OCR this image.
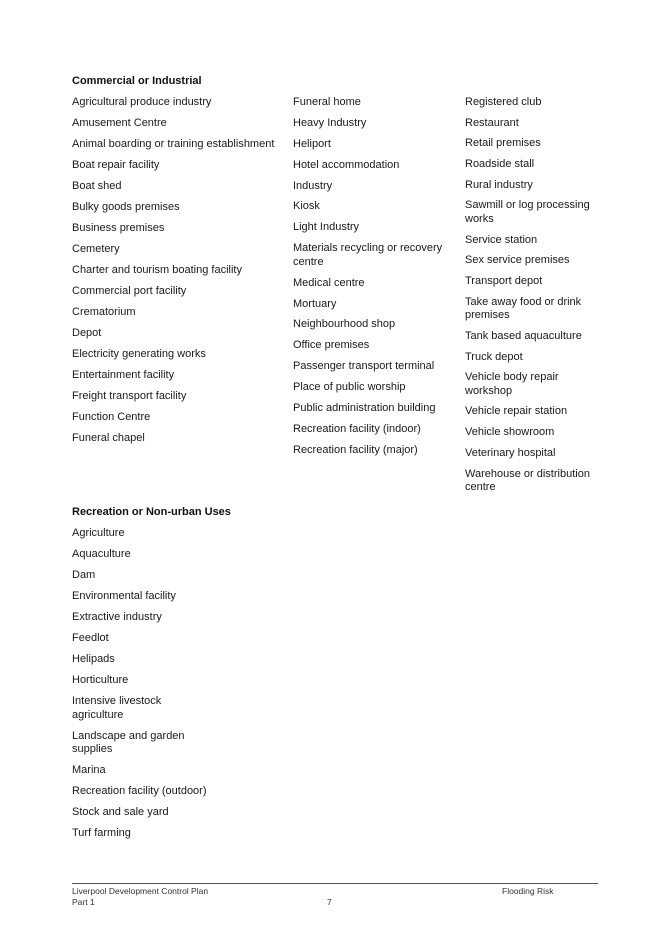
Commercial or Industrial
Agricultural produce industry
Amusement Centre
Animal boarding or training establishment
Boat repair facility
Boat shed
Bulky goods premises
Business premises
Cemetery
Charter and tourism boating facility
Commercial port facility
Crematorium
Depot
Electricity generating works
Entertainment facility
Freight transport facility
Function Centre
Funeral chapel
Funeral home
Heavy Industry
Heliport
Hotel accommodation
Industry
Kiosk
Light Industry
Materials recycling or recovery centre
Medical centre
Mortuary
Neighbourhood shop
Office premises
Passenger transport terminal
Place of public worship
Public administration building
Recreation facility (indoor)
Recreation facility (major)
Registered club
Restaurant
Retail premises
Roadside stall
Rural industry
Sawmill or log processing works
Service station
Sex service premises
Transport depot
Take away food or drink premises
Tank based aquaculture
Truck depot
Vehicle body repair workshop
Vehicle repair station
Vehicle showroom
Veterinary hospital
Warehouse or distribution centre
Recreation or Non-urban Uses
Agriculture
Aquaculture
Dam
Environmental facility
Extractive industry
Feedlot
Helipads
Horticulture
Intensive livestock agriculture
Landscape and garden supplies
Marina
Recreation facility (outdoor)
Stock and sale yard
Turf farming
Liverpool Development Control Plan
Part 1	7
Flooding Risk
